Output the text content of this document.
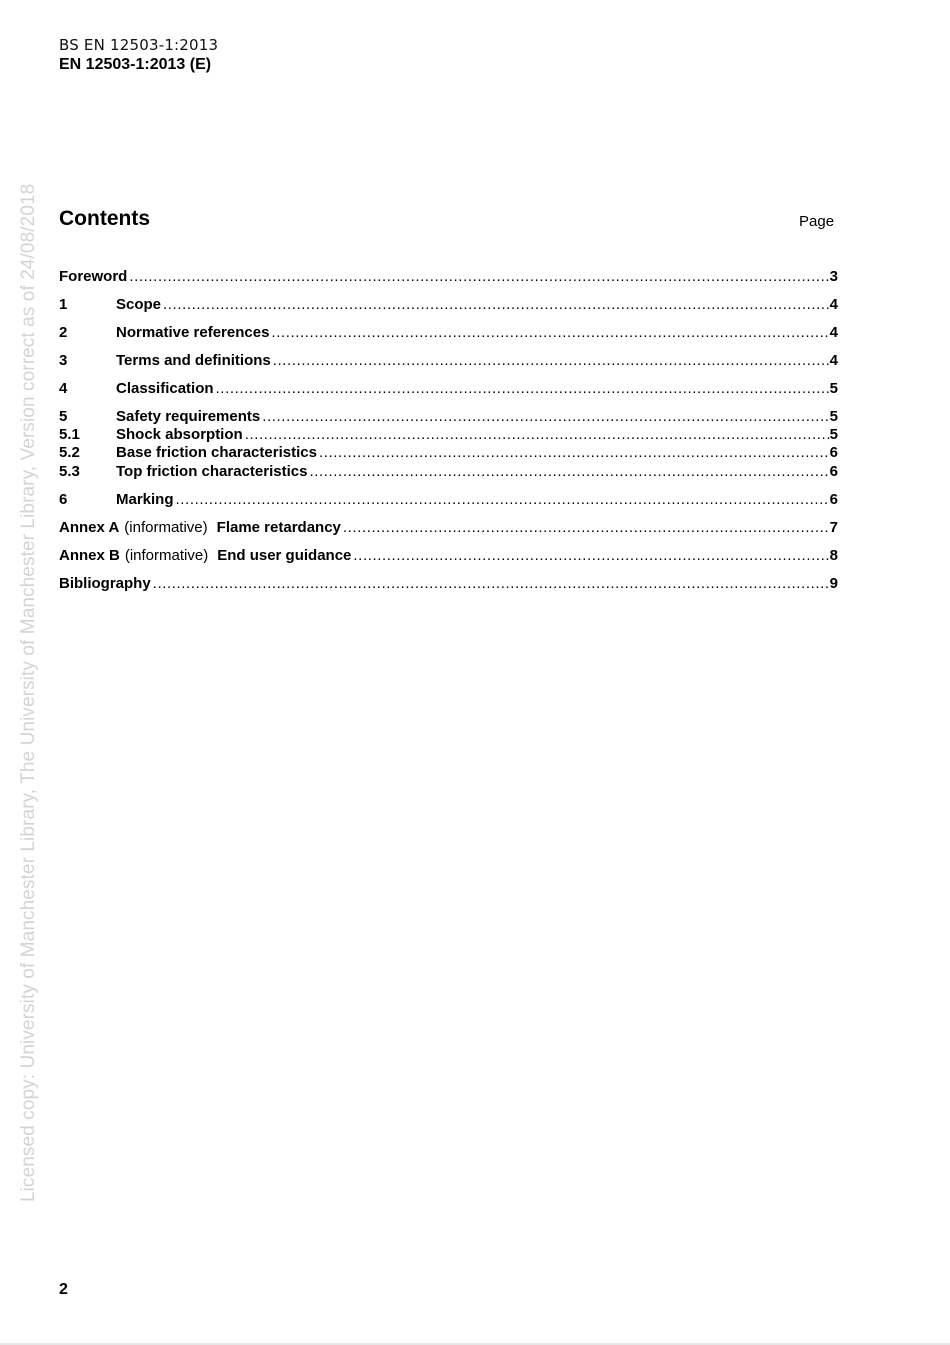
BS EN 12503-1:2013
EN 12503-1:2013 (E)
Licensed copy: University of Manchester Library, The University of Manchester Library, Version correct as of 24/08/2018 Contents	Page
Foreword .....	3
1	Scope .....	4
2	Normative references .....	4
3	Terms and definitions .....	4
4	Classification .....	5
5	Safety requirements .....	5
5.1	Shock absorption .....	5
5.2	Base friction characteristics .....	6
5.3	Top friction characteristics .....	6
6	Marking .....	6
Annex A (informative) Flame retardancy .....	7
Annex B (informative) End user guidance .....	8
Bibliography .....	9
2
